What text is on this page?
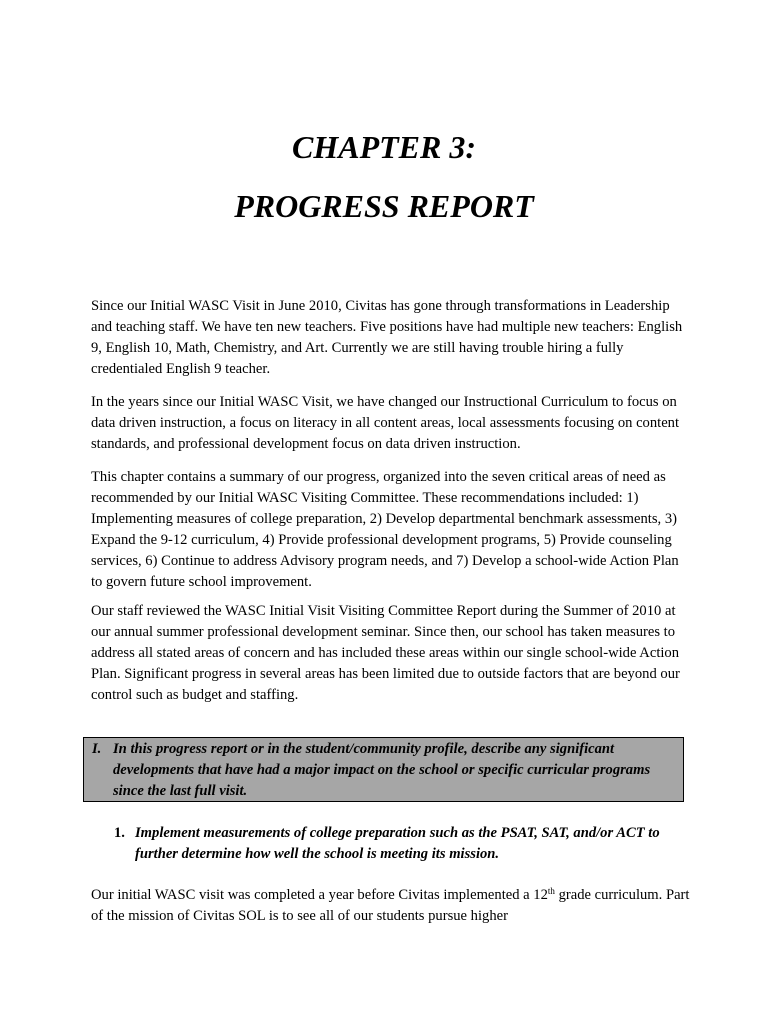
CHAPTER 3:
PROGRESS REPORT

Since our Initial WASC Visit in June 2010, Civitas has gone through transformations in Leadership and teaching staff. We have ten new teachers. Five positions have had multiple new teachers: English 9, English 10, Math, Chemistry, and Art. Currently we are still having trouble hiring a fully credentialed English 9 teacher.

In the years since our Initial WASC Visit, we have changed our Instructional Curriculum to focus on data driven instruction, a focus on literacy in all content areas, local assessments focusing on content standards, and professional development focus on data driven instruction.

This chapter contains a summary of our progress, organized into the seven critical areas of need as recommended by our Initial WASC Visiting Committee. These recommendations included: 1) Implementing measures of college preparation, 2) Develop departmental benchmark assessments, 3) Expand the 9-12 curriculum, 4) Provide professional development programs, 5) Provide counseling services, 6) Continue to address Advisory program needs, and 7) Develop a school-wide Action Plan to govern future school improvement.

Our staff reviewed the WASC Initial Visit Visiting Committee Report during the Summer of 2010 at our annual summer professional development seminar. Since then, our school has taken measures to address all stated areas of concern and has included these areas within our single school-wide Action Plan. Significant progress in several areas has been limited due to outside factors that are beyond our control such as budget and staffing.

I. In this progress report or in the student/community profile, describe any significant developments that have had a major impact on the school or specific curricular programs since the last full visit.
1. Implement measurements of college preparation such as the PSAT, SAT, and/or ACT to further determine how well the school is meeting its mission.

Our initial WASC visit was completed a year before Civitas implemented a 12th grade curriculum. Part of the mission of Civitas SOL is to see all of our students pursue higher
